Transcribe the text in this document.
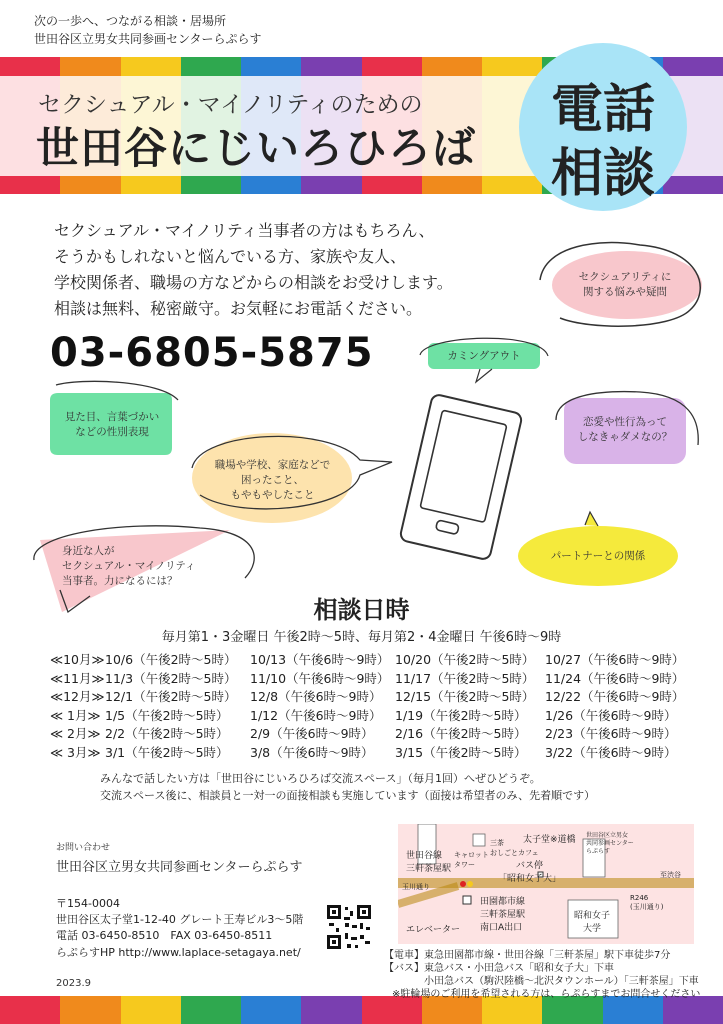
次の一歩へ、つながる相談・居場所
世田谷区立男女共同参画センターらぷらす
セクシュアル・マイノリティのための
世田谷にじいろひろば
電話
相談
セクシュアル・マイノリティ当事者の方はもちろん、
そうかもしれないと悩んでいる方、家族や友人、
学校関係者、職場の方などからの相談をお受けします。
相談は無料、秘密厳守。お気軽にお電話ください。
03-6805-5875
セクシュアリティに
関する悩みや疑問
カミングアウト
見た目、言葉づかい
などの性別表現
恋愛や性行為って
しなきゃダメなの？
職場や学校、家庭などで
困ったこと、
もやもやしたこと
パートナーとの関係
身近な人が
セクシュアル・マイノリティ
当事者。力になるには？
相談日時
毎月第1・3金曜日 午後2時〜5時、毎月第2・4金曜日 午後6時〜9時
≪10月≫ 10/6（午後2時〜5時） 10/13（午後6時〜9時） 10/20（午後2時〜5時） 10/27（午後6時〜9時）
≪11月≫ 11/3（午後2時〜5時） 11/10（午後6時〜9時） 11/17（午後2時〜5時） 11/24（午後6時〜9時）
≪12月≫ 12/1（午後2時〜5時） 12/8（午後6時〜9時） 12/15（午後2時〜5時） 12/22（午後6時〜9時）
≪ 1月≫ 1/5（午後2時〜5時） 1/12（午後6時〜9時） 1/19（午後2時〜5時） 1/26（午後6時〜9時）
≪ 2月≫ 2/2（午後2時〜5時） 2/9（午後6時〜9時） 2/16（午後2時〜5時） 2/23（午後6時〜9時）
≪ 3月≫ 3/1（午後2時〜5時） 3/8（午後6時〜9時） 3/15（午後2時〜5時） 3/22（午後6時〜9時）
みんなで話したい方は「世田谷にじいろひろば交流スペース」（毎月1回）へぜひどうぞ。
交流スペース後に、相談員と一対一の面接相談も実施しています（面接は希望者のみ、先着順です）
お問い合わせ
世田谷区立男女共同参画センターらぷらす
〒154-0004
世田谷区太子堂1-12-40 グレート王寿ビル3〜5階
電話 03-6450-8510　FAX 03-6450-8511
らぷらすHP http://www.laplace-setagaya.net/
2023.9
世田谷線
三軒茶屋駅
三茶
おしごとカフェ
キャロット
タワー
太子堂※道橋
バス停
「昭和女子大」
世田谷区立男女
共同参画センター
らぷらす
至渋谷
玉川通り
R246
(玉川通り)
田園都市線
三軒茶屋駅
南口A出口
エレベーター
昭和女子
大学
【電車】東急田園都市線・世田谷線「三軒茶屋」駅下車徒歩7分
【バス】東急バス・小田急バス「昭和女子大」下車
小田急バス（駒沢陸橋〜北沢タウンホール）「三軒茶屋」下車
※駐輪場のご利用を希望される方は、らぷらすまでお問合せください
